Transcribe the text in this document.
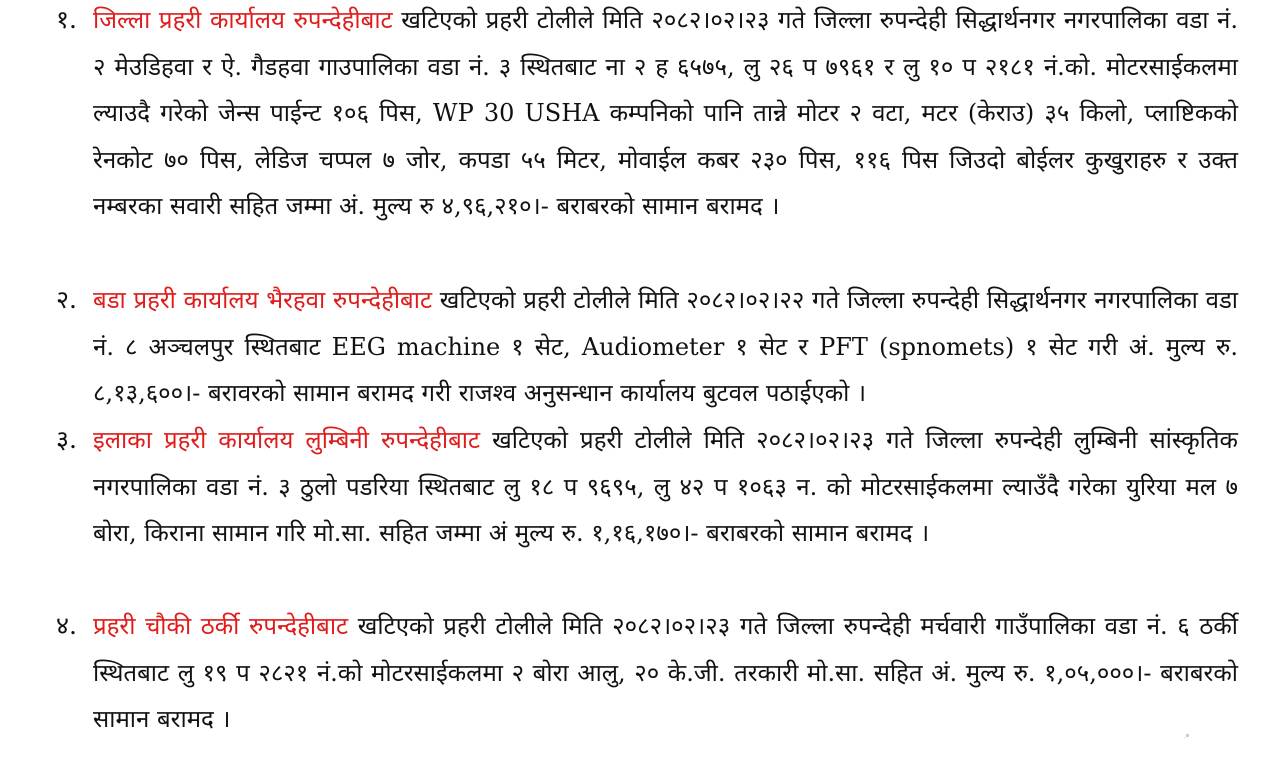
१. जिल्ला प्रहरी कार्यालय रुपन्देहीबाट खटिएको प्रहरी टोलीले मिति २०८२।०२।२३ गते जिल्ला रुपन्देही सिद्धार्थनगर नगरपालिका वडा नं. २ मेउडिहवा र ऐ. गैडहवा गाउपालिका वडा नं. ३ स्थितबाट ना २ ह ६५७५, लु २६ प ७९६१ र लु १० प २१८१ नं.को. मोटरसाईकलमा ल्याउदै गरेको जेन्स पाईन्ट १०६ पिस, WP 30 USHA कम्पनिको पानि तान्ने मोटर २ वटा, मटर (केराउ) ३५ किलो, प्लाष्टिकको रेनकोट ७० पिस, लेडिज चप्पल ७ जोर, कपडा ५५ मिटर, मोवाईल कबर २३० पिस, ११६ पिस जिउदो बोईलर कुखुराहरु र उक्त नम्बरका सवारी सहित जम्मा अं. मुल्य रु ४,९६,२१०।- बराबरको सामान बरामद ।

२. बडा प्रहरी कार्यालय भैरहवा रुपन्देहीबाट खटिएको प्रहरी टोलीले मिति २०८२।०२।२२ गते जिल्ला रुपन्देही सिद्धार्थनगर नगरपालिका वडा नं. ८ अञ्चलपुर स्थितबाट EEG machine १ सेट, Audiometer १ सेट र PFT (spnomets) १ सेट गरी अं. मुल्य रु. ८,१३,६००।- बरावरको सामान बरामद गरी राजश्व अनुसन्धान कार्यालय बुटवल पठाईएको ।

३. इलाका प्रहरी कार्यालय लुम्बिनी रुपन्देहीबाट खटिएको प्रहरी टोलीले मिति २०८२।०२।२३ गते जिल्ला रुपन्देही लुम्बिनी सांस्कृतिक नगरपालिका वडा नं. ३ ठुलो पडरिया स्थितबाट लु १८ प ९६९५, लु ४२ प १०६३ न. को मोटरसाईकलमा ल्याउँदै गरेका युरिया मल ७ बोरा, किराना सामान गरि मो.सा. सहित जम्मा अं मुल्य रु. १,१६,१७०।- बराबरको सामान बरामद ।

४. प्रहरी चौकी ठर्की रुपन्देहीबाट खटिएको प्रहरी टोलीले मिति २०८२।०२।२३ गते जिल्ला रुपन्देही मर्चवारी गाउँपालिका वडा नं. ६ ठर्की स्थितबाट लु १९ प २८२१ नं.को मोटरसाईकलमा २ बोरा आलु, २० के.जी. तरकारी मो.सा. सहित अं. मुल्य रु. १,०५,०००।- बराबरको सामान बरामद ।
